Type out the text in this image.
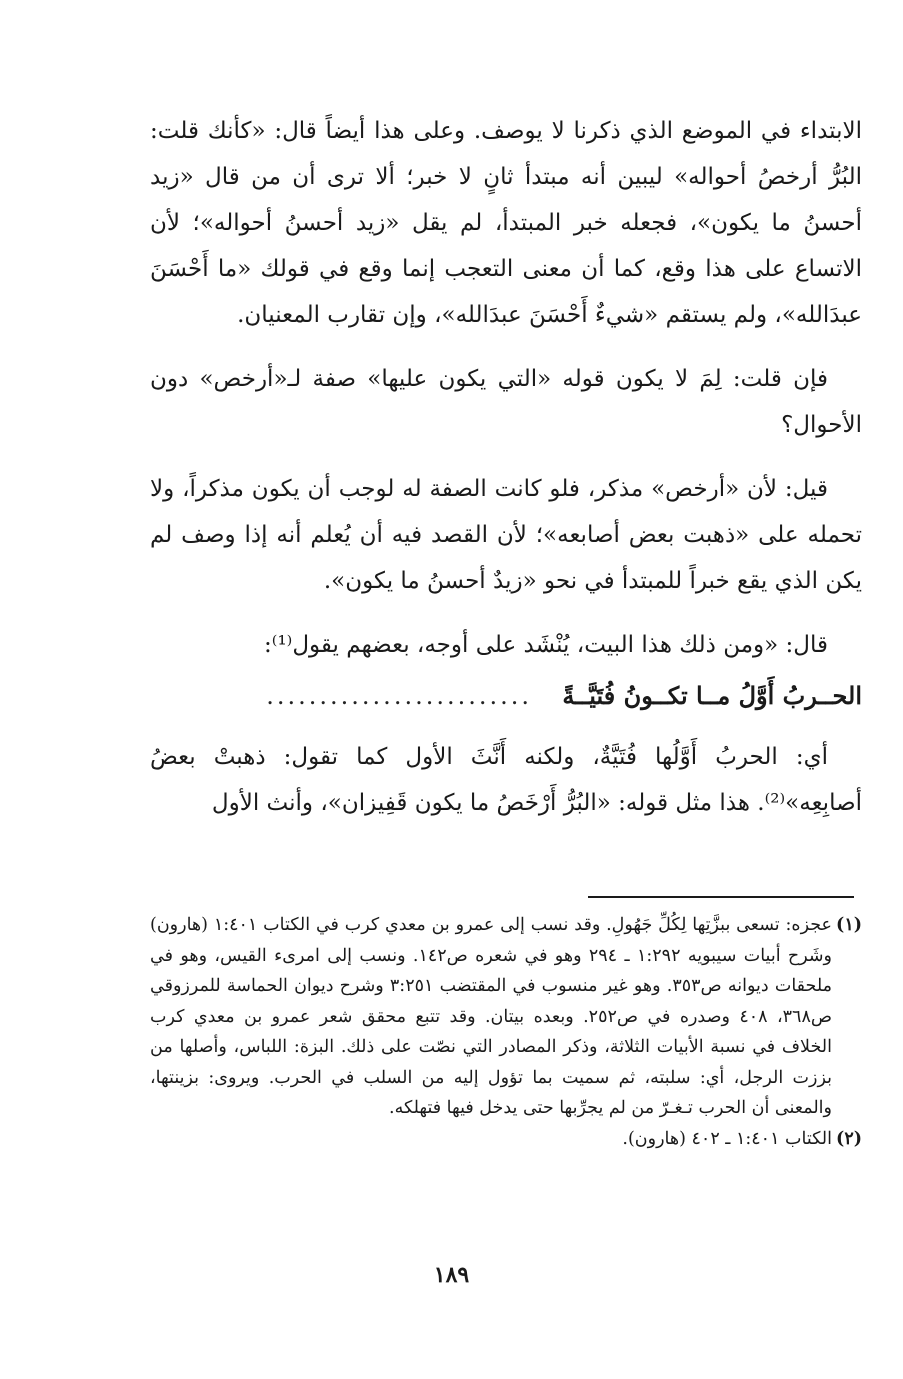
الابتداء في الموضع الذي ذكرنا لا يوصف. وعلى هذا أيضاً قال: «كأنك قلت: البُرُّ أرخصُ أحواله» ليبين أنه مبتدأ ثانٍ لا خبر؛ ألا ترى أن من قال «زيد أحسنُ ما يكون»، فجعله خبر المبتدأ، لم يقل «زيد أحسنُ أحواله»؛ لأن الاتساع على هذا وقع، كما أن معنى التعجب إنما وقع في قولك «ما أَحْسَنَ عبدَالله»، ولم يستقم «شيءٌ أَحْسَنَ عبدَالله»، وإن تقارب المعنيان.

فإن قلت: لِمَ لا يكون قوله «التي يكون عليها» صفة لـ«أرخص» دون الأحوال؟

قيل: لأن «أرخص» مذكر، فلو كانت الصفة له لوجب أن يكون مذكراً، ولا تحمله على «ذهبت بعض أصابعه»؛ لأن القصد فيه أن يُعلم أنه إذا وصف لم يكن الذي يقع خبراً للمبتدأ في نحو «زيدٌ أحسنُ ما يكون».

قال: «ومن ذلك هذا البيت، يُنْشَد على أوجه، بعضهم يقول⁽¹⁾:

الحــربُ أَوَّلُ مــا تكــونُ فُتَيَّــةً
.........................

أي: الحربُ أَوَّلُها فُتَيَّةٌ، ولكنه أَنَّثَ الأول كما تقول: ذهبتْ بعضُ أصابِعِه»⁽²⁾. هذا مثل قوله: «البُرُّ أَرْخَصُ ما يكون قَفِيزان»، وأنث الأول

(١)
عجزه: تسعى ببزَّتِها لِكُلِّ جَهُولِ. وقد نسب إلى عمرو بن معدي كرب في الكتاب ١:٤٠١ (هارون) وشَرح أبيات سيبويه ١:٢٩٢ ـ ٢٩٤ وهو في شعره ص١٤٢. ونسب إلى امرىء القيس، وهو في ملحقات ديوانه ص٣٥٣. وهو غير منسوب في المقتضب ٣:٢٥١ وشرح ديوان الحماسة للمرزوقي ص٣٦٨، ٤٠٨ وصدره في ص٢٥٢. وبعده بيتان. وقد تتبع محقق شعر عمرو بن معدي كرب الخلاف في نسبة الأبيات الثلاثة، وذكر المصادر التي نصّت على ذلك. البزة: اللباس، وأصلها من بززت الرجل، أي: سلبته، ثم سميت بما تؤول إليه من السلب في الحرب. ويروى: بزينتها، والمعنى أن الحرب تـغـرّ من لم يجرِّبها حتى يدخل فيها فتهلكه.
(٢)
الكتاب ١:٤٠١ ـ ٤٠٢ (هارون).
١٨٩
